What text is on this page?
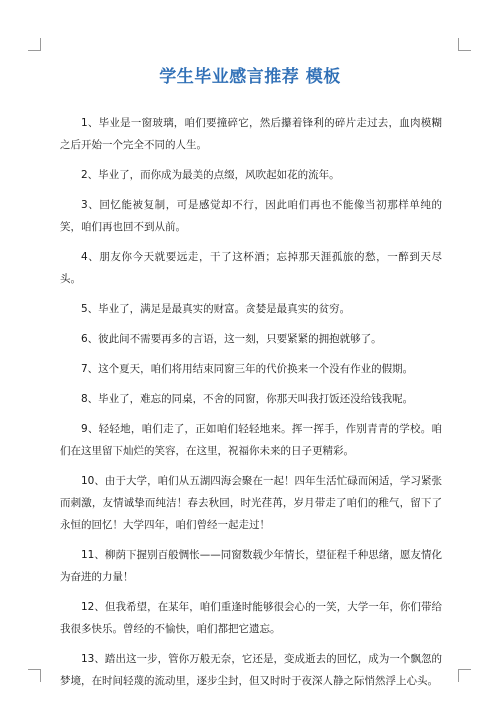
学生毕业感言推荐 模板

1、毕业是一窗玻璃，咱们要撞碎它，然后攥着锋利的碎片走过去，血肉模糊之后开始一个完全不同的人生。

2、毕业了，而你成为最美的点缀，风吹起如花的流年。

3、回忆能被复制，可是感觉却不行，因此咱们再也不能像当初那样单纯的笑，咱们再也回不到从前。

4、朋友你今天就要远走，干了这杯酒；忘掉那天涯孤旅的愁，一醉到天尽头。

5、毕业了，满足是最真实的财富。贪婪是最真实的贫穷。

6、彼此间不需要再多的言语，这一刻，只要紧紧的拥抱就够了。

7、这个夏天，咱们将用结束同窗三年的代价换来一个没有作业的假期。

8、毕业了，难忘的同桌，不舍的同窗，你那天叫我打饭还没给钱我呢。

9、轻轻地，咱们走了，正如咱们轻轻地来。挥一挥手，作别青青的学校。咱们在这里留下灿烂的笑容，在这里，祝福你未来的日子更精彩。

10、由于大学，咱们从五湖四海会聚在一起！四年生活忙碌而闲适，学习紧张而刺激，友情诚挚而纯洁！春去秋回，时光荏苒，岁月带走了咱们的稚气，留下了永恒的回忆！大学四年，咱们曾经一起走过！

11、柳荫下握别百般惆怅——同窗数载少年情长，望征程千种思绪，愿友情化为奋进的力量！

12、但我希望，在某年，咱们重逢时能够很会心的一笑，大学一年，你们带给我很多快乐。曾经的不愉快，咱们都把它遗忘。

13、踏出这一步，管你万般无奈，它还是，变成逝去的回忆，成为一个飘忽的梦境，在时间轻蔑的流动里，逐步尘封，但又时时于夜深人静之际悄然浮上心头。
